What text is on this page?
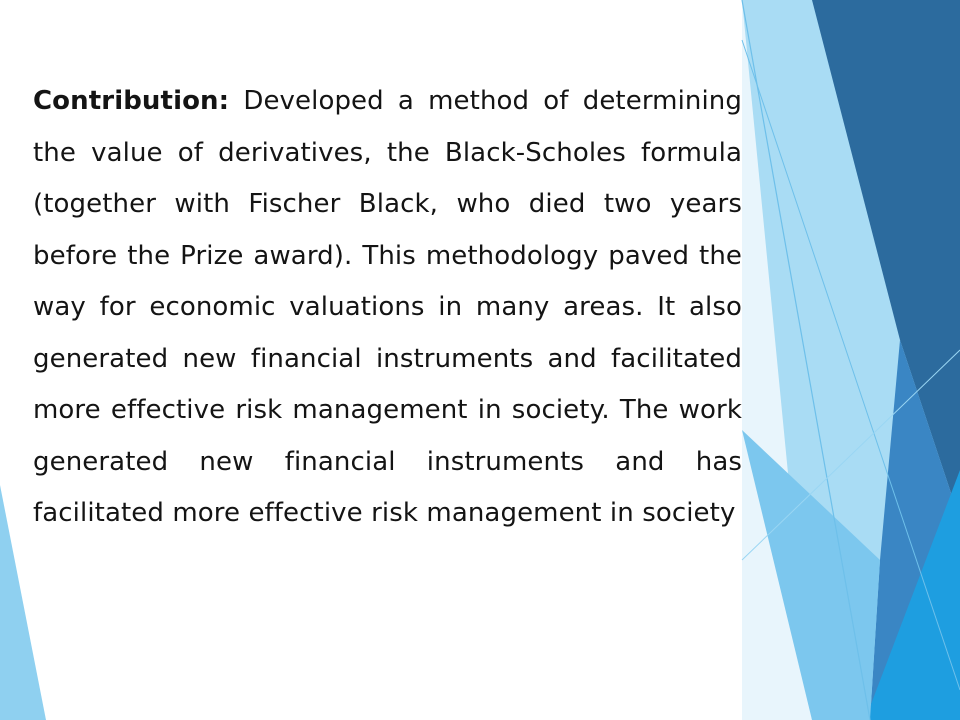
Contribution: Developed a method of determining the value of derivatives, the Black-Scholes formula (together with Fischer Black, who died two years before the Prize award). This methodology paved the way for economic valuations in many areas. It also generated new financial instruments and facilitated more effective risk management in society. The work generated new financial instruments and has facilitated more effective risk management in society
